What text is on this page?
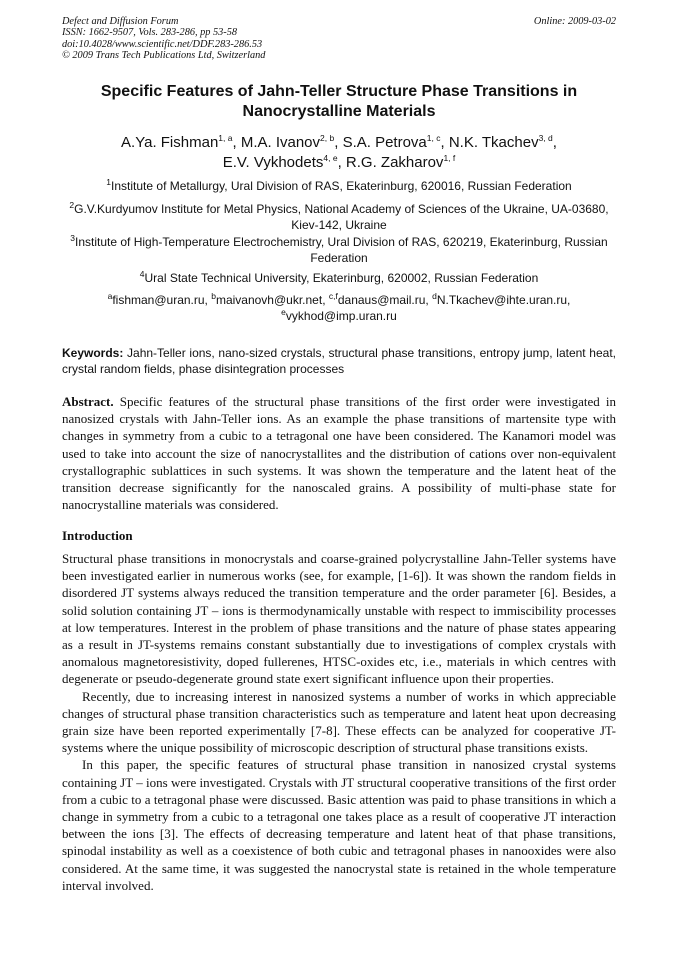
Defect and Diffusion Forum
ISSN: 1662-9507, Vols. 283-286, pp 53-58
doi:10.4028/www.scientific.net/DDF.283-286.53
© 2009 Trans Tech Publications Ltd, Switzerland
Online: 2009-03-02
Specific Features of Jahn-Teller Structure Phase Transitions in Nanocrystalline Materials
A.Ya. Fishman$^{1, a}$, M.A. Ivanov$^{2, b}$, S.A. Petrova$^{1, c}$, N.K. Tkachev$^{3, d}$,
E.V. Vykhodets$^{4, e}$, R.G. Zakharov$^{1, f}$
$^1$Institute of Metallurgy, Ural Division of RAS, Ekaterinburg, 620016, Russian Federation
$^2$G.V.Kurdyumov Institute for Metal Physics, National Academy of Sciences of the Ukraine, UA-03680, Kiev-142, Ukraine
$^3$Institute of High-Temperature Electrochemistry, Ural Division of RAS, 620219, Ekaterinburg, Russian Federation
$^4$Ural State Technical University, Ekaterinburg, 620002, Russian Federation
$^a$fishman@uran.ru, $^b$maivanovh@ukr.net, $^{c,f}$danaus@mail.ru, $^d$N.Tkachev@ihte.uran.ru,
$^e$vykhod@imp.uran.ru
Keywords: Jahn-Teller ions, nano-sized crystals, structural phase transitions, entropy jump, latent heat, crystal random fields, phase disintegration processes
Abstract. Specific features of the structural phase transitions of the first order were investigated in nanosized crystals with Jahn-Teller ions. As an example the phase transitions of martensite type with changes in symmetry from a cubic to a tetragonal one have been considered. The Kanamori model was used to take into account the size of nanocrystallites and the distribution of cations over non-equivalent crystallographic sublattices in such systems. It was shown the temperature and the latent heat of the transition decrease significantly for the nanoscaled grains. A possibility of multi-phase state for nanocrystalline materials was considered.
Introduction

Structural phase transitions in monocrystals and coarse-grained polycrystalline Jahn-Teller systems have been investigated earlier in numerous works (see, for example, [1-6]). It was shown the random fields in disordered JT systems always reduced the transition temperature and the order parameter [6]. Besides, a solid solution containing JT – ions is thermodynamically unstable with respect to immiscibility processes at low temperatures. Interest in the problem of phase transitions and the nature of phase states appearing as a result in JT-systems remains constant substantially due to investigations of complex crystals with anomalous magnetoresistivity, doped fullerenes, HTSC-oxides etc, i.e., materials in which centres with degenerate or pseudo-degenerate ground state exert significant influence upon their properties.

Recently, due to increasing interest in nanosized systems a number of works in which appreciable changes of structural phase transition characteristics such as temperature and latent heat upon decreasing grain size have been reported experimentally [7-8]. These effects can be analyzed for cooperative JT-systems where the unique possibility of microscopic description of structural phase transitions exists.

In this paper, the specific features of structural phase transition in nanosized crystal systems containing JT – ions were investigated. Crystals with JT structural cooperative transitions of the first order from a cubic to a tetragonal phase were discussed. Basic attention was paid to phase transitions in which a change in symmetry from a cubic to a tetragonal one takes place as a result of cooperative JT interaction between the ions [3]. The effects of decreasing temperature and latent heat of that phase transitions, spinodal instability as well as a coexistence of both cubic and tetragonal phases in nanooxides were also considered. At the same time, it was suggested the nanocrystal state is retained in the whole temperature interval involved.
